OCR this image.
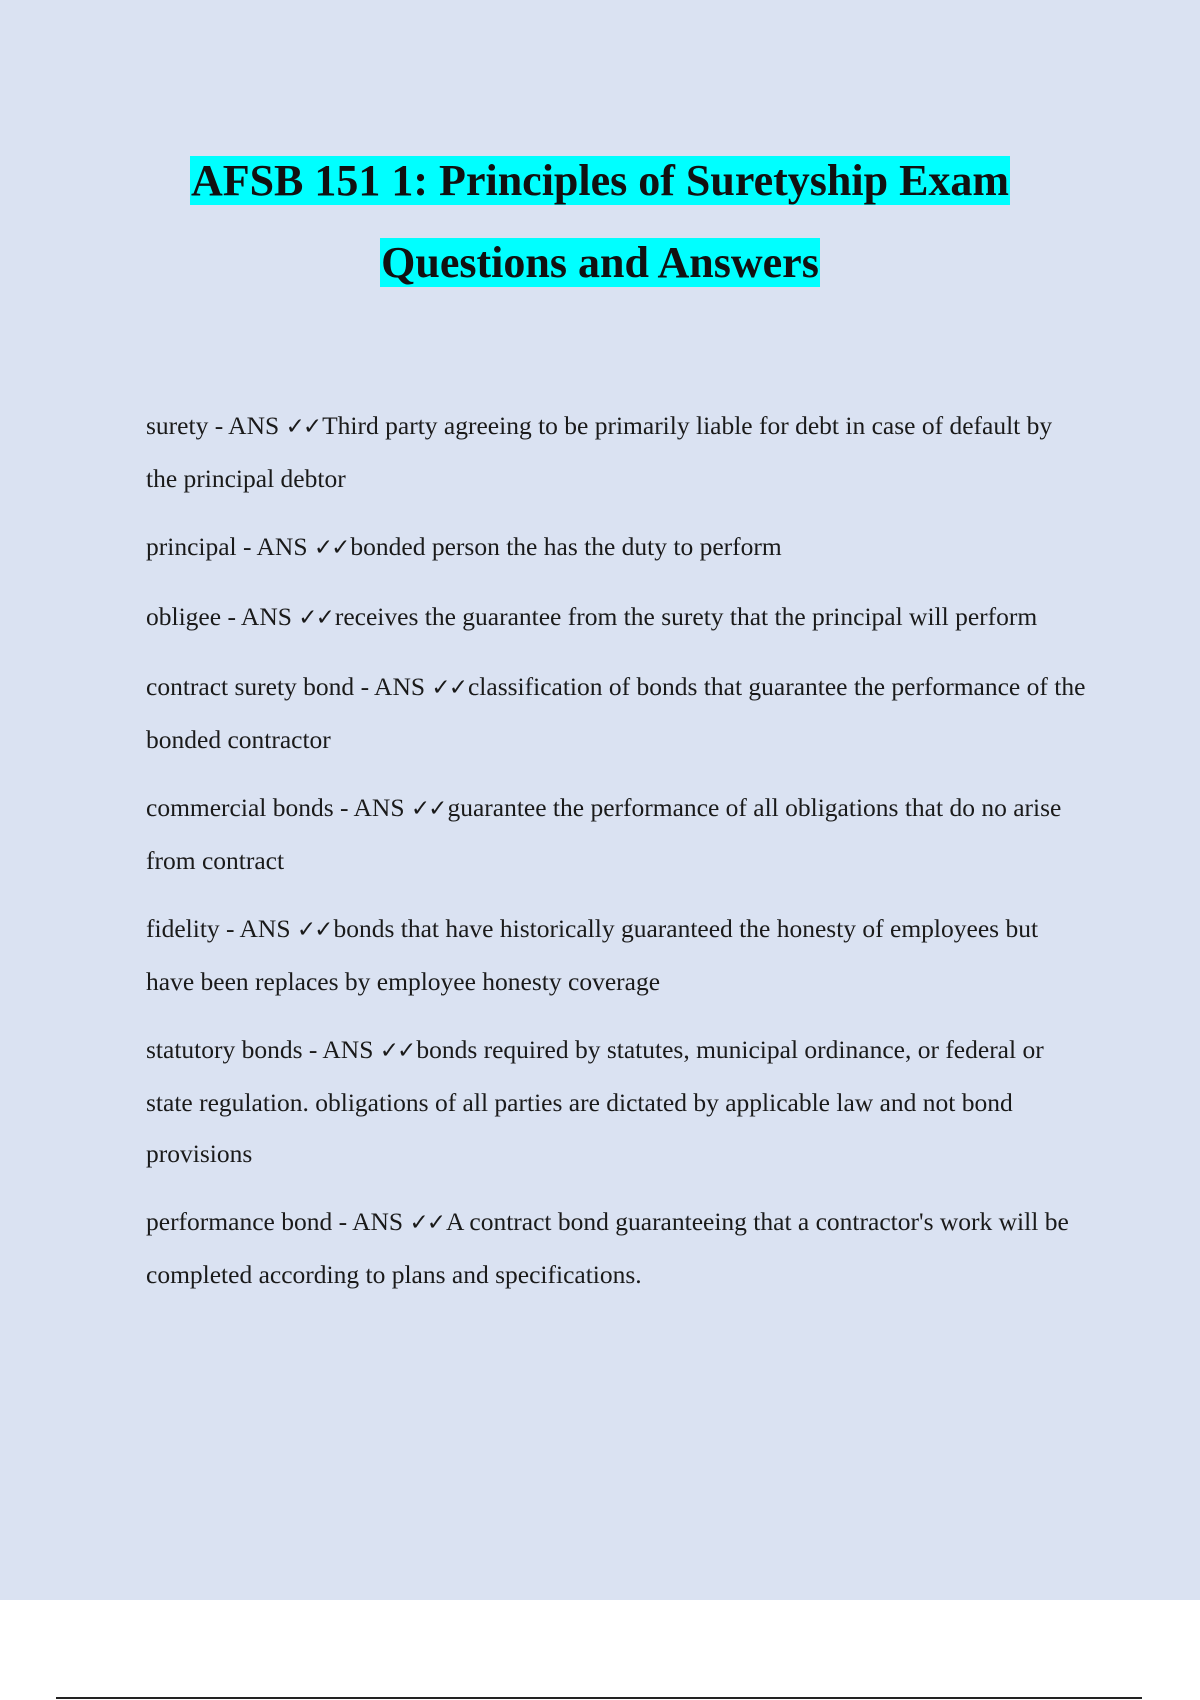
AFSB 151 1: Principles of Suretyship Exam
Questions and Answers

surety - ANS ✓✓Third party agreeing to be primarily liable for debt in case of default by the principal debtor

principal - ANS ✓✓bonded person the has the duty to perform

obligee - ANS ✓✓receives the guarantee from the surety that the principal will perform

contract surety bond - ANS ✓✓classification of bonds that guarantee the performance of the bonded contractor

commercial bonds - ANS ✓✓guarantee the performance of all obligations that do no arise from contract

fidelity - ANS ✓✓bonds that have historically guaranteed the honesty of employees but have been replaces by employee honesty coverage

statutory bonds - ANS ✓✓bonds required by statutes, municipal ordinance, or federal or state regulation. obligations of all parties are dictated by applicable law and not bond provisions

performance bond - ANS ✓✓A contract bond guaranteeing that a contractor's work will be completed according to plans and specifications.
